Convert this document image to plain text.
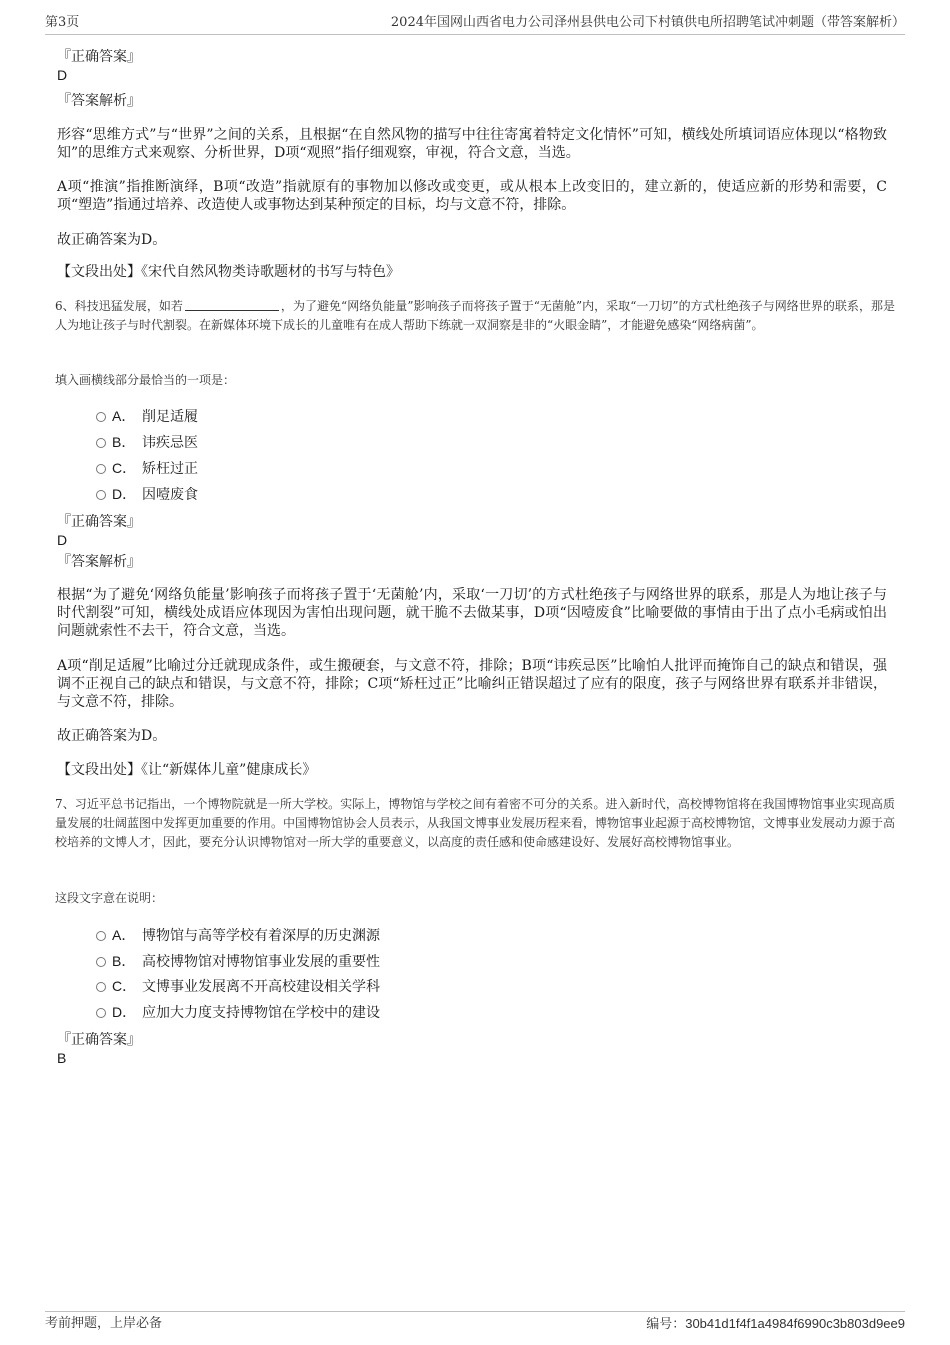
第3页	2024年国网山西省电力公司泽州县供电公司下村镇供电所招聘笔试冲刺题（带答案解析）
『正确答案』
D
『答案解析』
形容“思维方式”与“世界”之间的关系，且根据“在自然风物的描写中往往寄寓着特定文化情怀”可知，横线处所填词语应体现以“格物致知”的思维方式来观察、分析世界，D项“观照”指仔细观察，审视，符合文意，当选。
A项“推演”指推断演绎，B项“改造”指就原有的事物加以修改或变更，或从根本上改变旧的，建立新的，使适应新的形势和需要，C项“塑造”指通过培养、改造使人或事物达到某种预定的目标，均与文意不符，排除。
故正确答案为D。
【文段出处】《宋代自然风物类诗歌题材的书写与特色》
6、科技迅猛发展，如若	，为了避免“网络负能量”影响孩子而将孩子置于“无菌舱”内，采取“一刀切”的方式杜绝孩子与网络世界的联系，那是人为地让孩子与时代割裂。在新媒体环境下成长的儿童唯有在成人帮助下练就一双洞察是非的“火眼金睛”，才能避免感染“网络病菌”。
填入画横线部分最恰当的一项是：
A． 削足适履
B． 讳疾忌医
C． 矫枉过正
D． 因噎废食
『正确答案』
D
『答案解析』
根据“为了避免‘网络负能量’影响孩子而将孩子置于‘无菌舱’内，采取‘一刀切’的方式杜绝孩子与网络世界的联系，那是人为地让孩子与时代割裂”可知，横线处成语应体现因为害怕出现问题，就干脆不去做某事，D项“因噎废食”比喻要做的事情由于出了点小毛病或怕出问题就索性不去干，符合文意，当选。
A项“削足适履”比喻过分迁就现成条件，或生搬硬套，与文意不符，排除；B项“讳疾忌医”比喻怕人批评而掩饰自己的缺点和错误，强调不正视自己的缺点和错误，与文意不符，排除；C项“矫枉过正”比喻纠正错误超过了应有的限度，孩子与网络世界有联系并非错误，与文意不符，排除。
故正确答案为D。
【文段出处】《让“新媒体儿童”健康成长》
7、习近平总书记指出，一个博物院就是一所大学校。实际上，博物馆与学校之间有着密不可分的关系。进入新时代，高校博物馆将在我国博物馆事业实现高质量发展的壮阔蓝图中发挥更加重要的作用。中国博物馆协会人员表示，从我国文博事业发展历程来看，博物馆事业起源于高校博物馆，文博事业发展动力源于高校培养的文博人才，因此，要充分认识博物馆对一所大学的重要意义，以高度的责任感和使命感建设好、发展好高校博物馆事业。
这段文字意在说明：
A． 博物馆与高等学校有着深厚的历史渊源
B． 高校博物馆对博物馆事业发展的重要性
C． 文博事业发展离不开高校建设相关学科
D． 应加大力度支持博物馆在学校中的建设
『正确答案』
B
考前押题，上岸必备	编号：30b41d1f4f1a4984f6990c3b803d9ee9
